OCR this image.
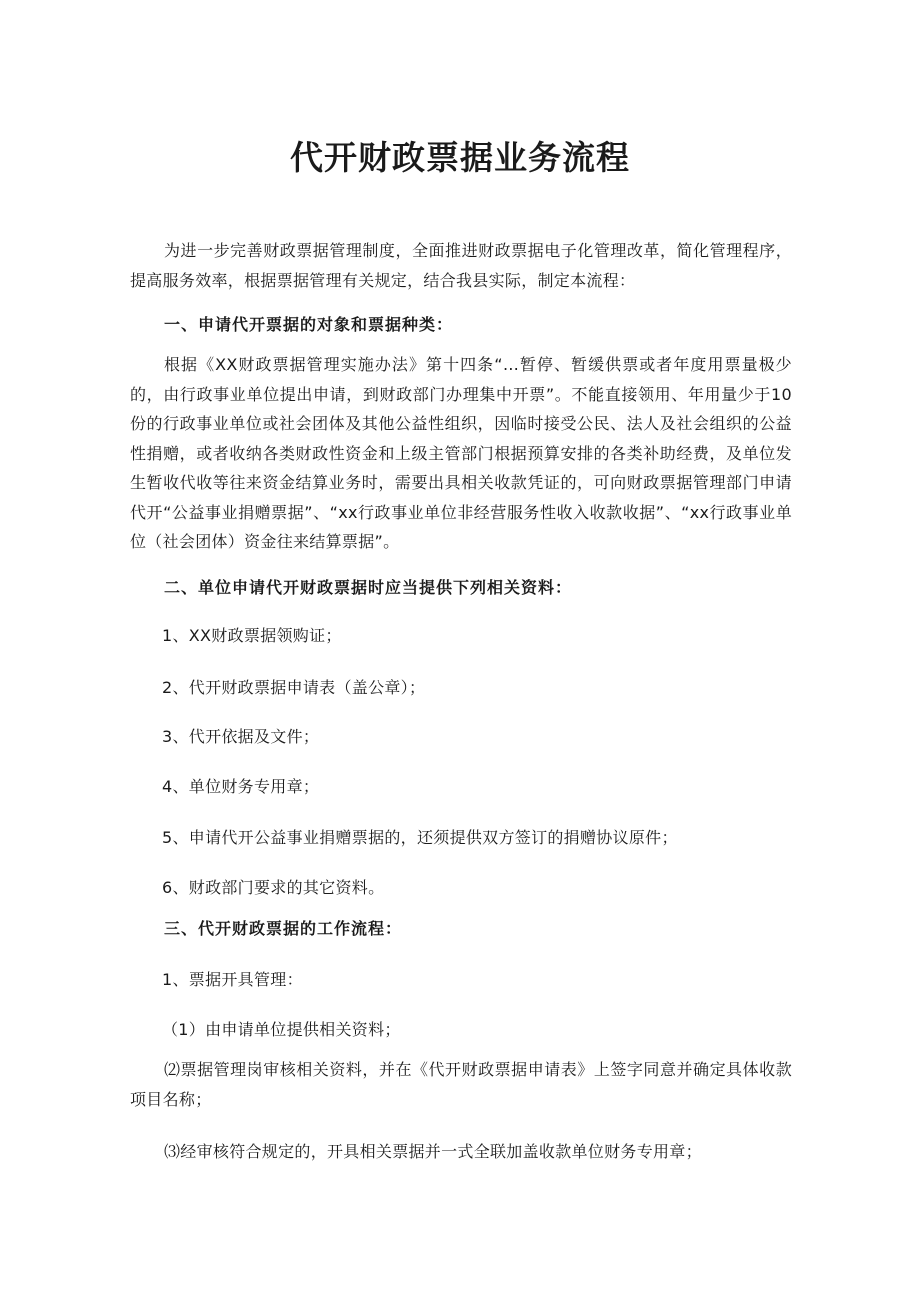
代开财政票据业务流程

为进一步完善财政票据管理制度，全面推进财政票据电子化管理改革，简化管理程序，提高服务效率，根据票据管理有关规定，结合我县实际，制定本流程：

一、申请代开票据的对象和票据种类：

根据《XX财政票据管理实施办法》第十四条“…暂停、暂缓供票或者年度用票量极少的，由行政事业单位提出申请，到财政部门办理集中开票”。不能直接领用、年用量少于10份的行政事业单位或社会团体及其他公益性组织，因临时接受公民、法人及社会组织的公益性捐赠，或者收纳各类财政性资金和上级主管部门根据预算安排的各类补助经费，及单位发生暂收代收等往来资金结算业务时，需要出具相关收款凭证的，可向财政票据管理部门申请代开“公益事业捐赠票据”、“xx行政事业单位非经营服务性收入收款收据”、“xx行政事业单位（社会团体）资金往来结算票据”。

二、单位申请代开财政票据时应当提供下列相关资料：

1、XX财政票据领购证；

2、代开财政票据申请表（盖公章）；

3、代开依据及文件；

4、单位财务专用章；

5、申请代开公益事业捐赠票据的，还须提供双方签订的捐赠协议原件；

6、财政部门要求的其它资料。

三、代开财政票据的工作流程：

1、票据开具管理：

（1）由申请单位提供相关资料；

⑵票据管理岗审核相关资料，并在《代开财政票据申请表》上签字同意并确定具体收款项目名称；

⑶经审核符合规定的，开具相关票据并一式全联加盖收款单位财务专用章；
